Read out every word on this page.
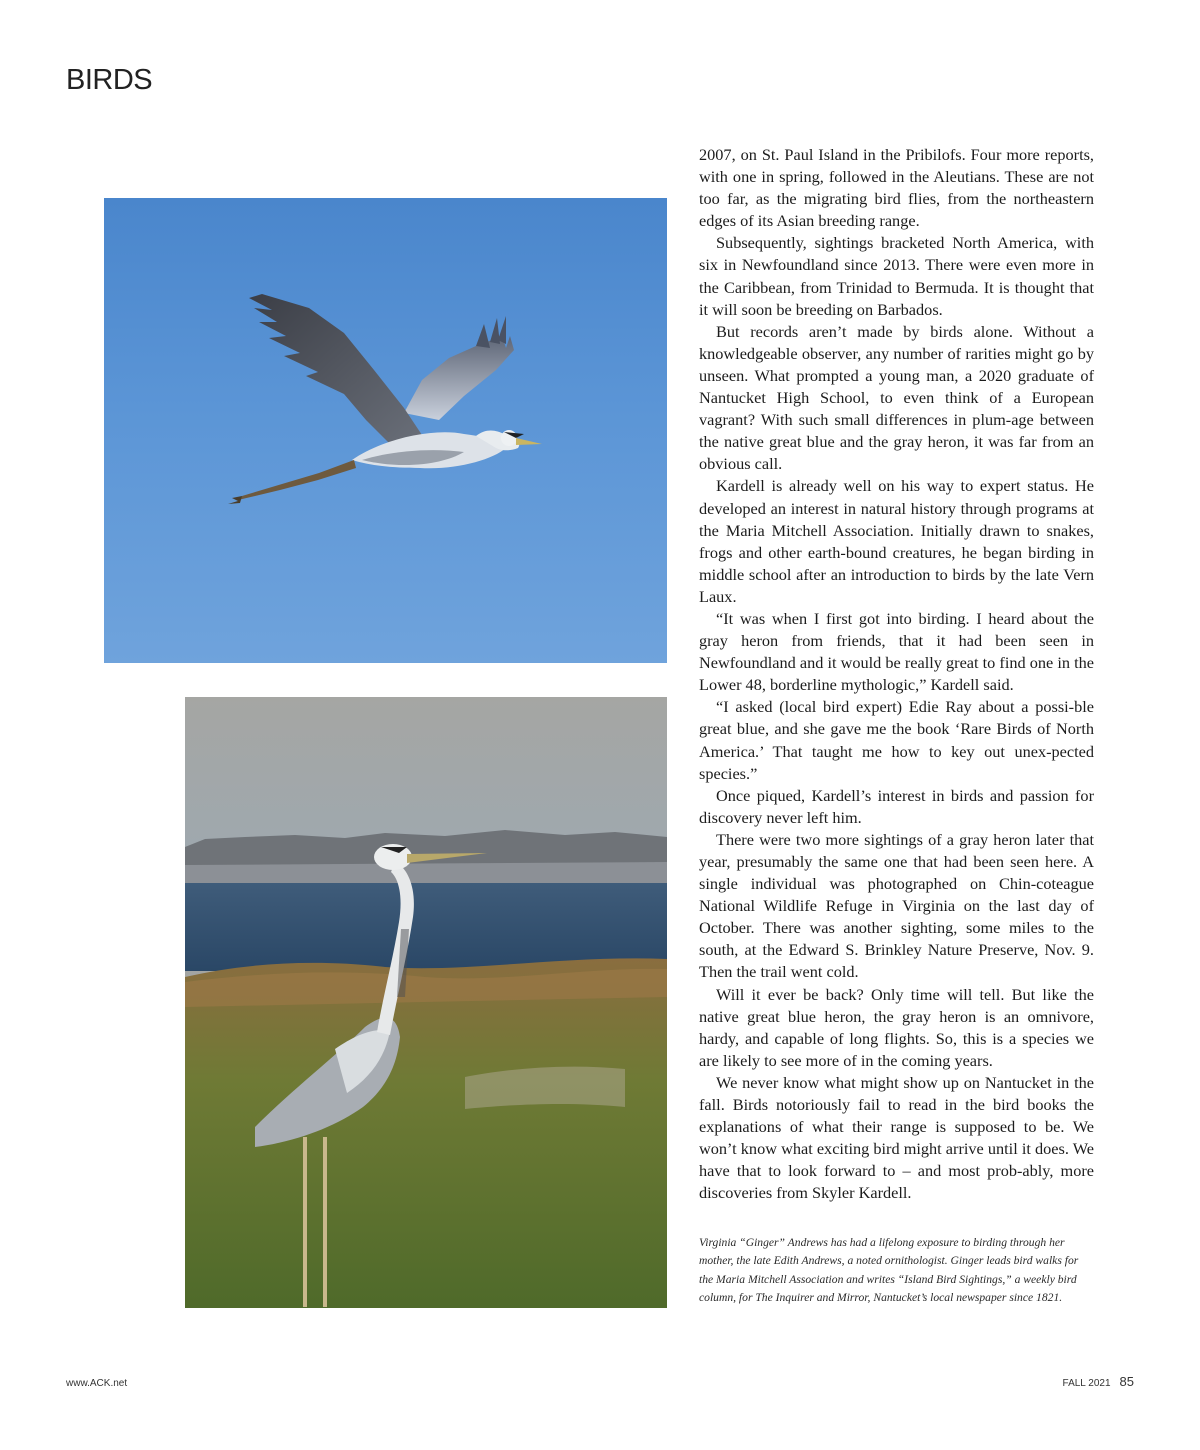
BIRDS

2007, on St. Paul Island in the Pribilofs. Four more reports, with one in spring, followed in the Aleutians. These are not too far, as the migrating bird flies, from the northeastern edges of its Asian breeding range.

Subsequently, sightings bracketed North America, with six in Newfoundland since 2013. There were even more in the Caribbean, from Trinidad to Bermuda. It is thought that it will soon be breeding on Barbados.

But records aren’t made by birds alone. Without a knowledgeable observer, any number of rarities might go by unseen. What prompted a young man, a 2020 graduate of Nantucket High School, to even think of a European vagrant? With such small differences in plum-age between the native great blue and the gray heron, it was far from an obvious call.

Kardell is already well on his way to expert status. He developed an interest in natural history through programs at the Maria Mitchell Association. Initially drawn to snakes, frogs and other earth-bound creatures, he began birding in middle school after an introduction to birds by the late Vern Laux.

“It was when I first got into birding. I heard about the gray heron from friends, that it had been seen in Newfoundland and it would be really great to find one in the Lower 48, borderline mythologic,” Kardell said.

“I asked (local bird expert) Edie Ray about a possi-ble great blue, and she gave me the book ‘Rare Birds of North America.’ That taught me how to key out unex-pected species.”

Once piqued, Kardell’s interest in birds and passion for discovery never left him.

There were two more sightings of a gray heron later that year, presumably the same one that had been seen here. A single individual was photographed on Chin-coteague National Wildlife Refuge in Virginia on the last day of October. There was another sighting, some miles to the south, at the Edward S. Brinkley Nature Preserve, Nov. 9. Then the trail went cold.

Will it ever be back? Only time will tell. But like the native great blue heron, the gray heron is an omnivore, hardy, and capable of long flights. So, this is a species we are likely to see more of in the coming years.

We never know what might show up on Nantucket in the fall. Birds notoriously fail to read in the bird books the explanations of what their range is supposed to be. We won’t know what exciting bird might arrive until it does. We have that to look forward to – and most prob-ably, more discoveries from Skyler Kardell.

Virginia “Ginger” Andrews has had a lifelong exposure to birding through her mother, the late Edith Andrews, a noted ornithologist. Ginger leads bird walks for the Maria Mitchell Association and writes “Island Bird Sightings,” a weekly bird column, for The Inquirer and Mirror, Nantucket’s local newspaper since 1821.
www.ACK.net	FALL 2021 85
